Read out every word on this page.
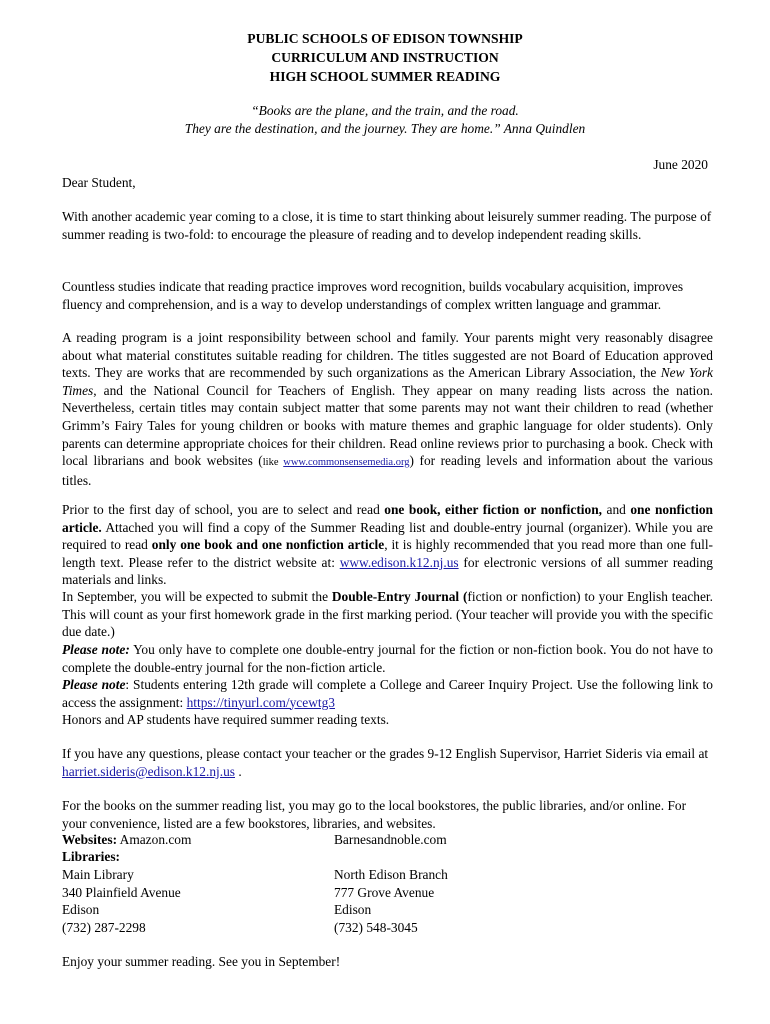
PUBLIC SCHOOLS OF EDISON TOWNSHIP
CURRICULUM AND INSTRUCTION
HIGH SCHOOL SUMMER READING
“Books are the plane, and the train, and the road.
They are the destination, and the journey. They are home.” Anna Quindlen
June 2020
Dear Student,
With another academic year coming to a close, it is time to start thinking about leisurely summer reading. The purpose of summer reading is two-fold: to encourage the pleasure of reading and to develop independent reading skills.
Countless studies indicate that reading practice improves word recognition, builds vocabulary acquisition, improves fluency and comprehension, and is a way to develop understandings of complex written language and grammar.
A reading program is a joint responsibility between school and family. Your parents might very reasonably disagree about what material constitutes suitable reading for children. The titles suggested are not Board of Education approved texts. They are works that are recommended by such organizations as the American Library Association, the New York Times, and the National Council for Teachers of English. They appear on many reading lists across the nation. Nevertheless, certain titles may contain subject matter that some parents may not want their children to read (whether Grimm’s Fairy Tales for young children or books with mature themes and graphic language for older students). Only parents can determine appropriate choices for their children. Read online reviews prior to purchasing a book. Check with local librarians and book websites (like www.commonsensemedia.org) for reading levels and information about the various titles.
Prior to the first day of school, you are to select and read one book, either fiction or nonfiction, and one nonfiction article. Attached you will find a copy of the Summer Reading list and double-entry journal (organizer). While you are required to read only one book and one nonfiction article, it is highly recommended that you read more than one full-length text. Please refer to the district website at: www.edison.k12.nj.us for electronic versions of all summer reading materials and links.
In September, you will be expected to submit the Double-Entry Journal (fiction or nonfiction) to your English teacher. This will count as your first homework grade in the first marking period. (Your teacher will provide you with the specific due date.)
Please note: You only have to complete one double-entry journal for the fiction or non-fiction book. You do not have to complete the double-entry journal for the non-fiction article.
Please note: Students entering 12th grade will complete a College and Career Inquiry Project. Use the following link to access the assignment: https://tinyurl.com/ycewtg3
Honors and AP students have required summer reading texts.
If you have any questions, please contact your teacher or the grades 9-12 English Supervisor, Harriet Sideris via email at harriet.sideris@edison.k12.nj.us .
For the books on the summer reading list, you may go to the local bookstores, the public libraries, and/or online. For your convenience, listed are a few bookstores, libraries, and websites.
Websites: Amazon.com	Barnesandnoble.com
Libraries:
Main Library
340 Plainfield Avenue
Edison
(732) 287-2298
North Edison Branch
777 Grove Avenue
Edison
(732) 548-3045
Enjoy your summer reading. See you in September!
